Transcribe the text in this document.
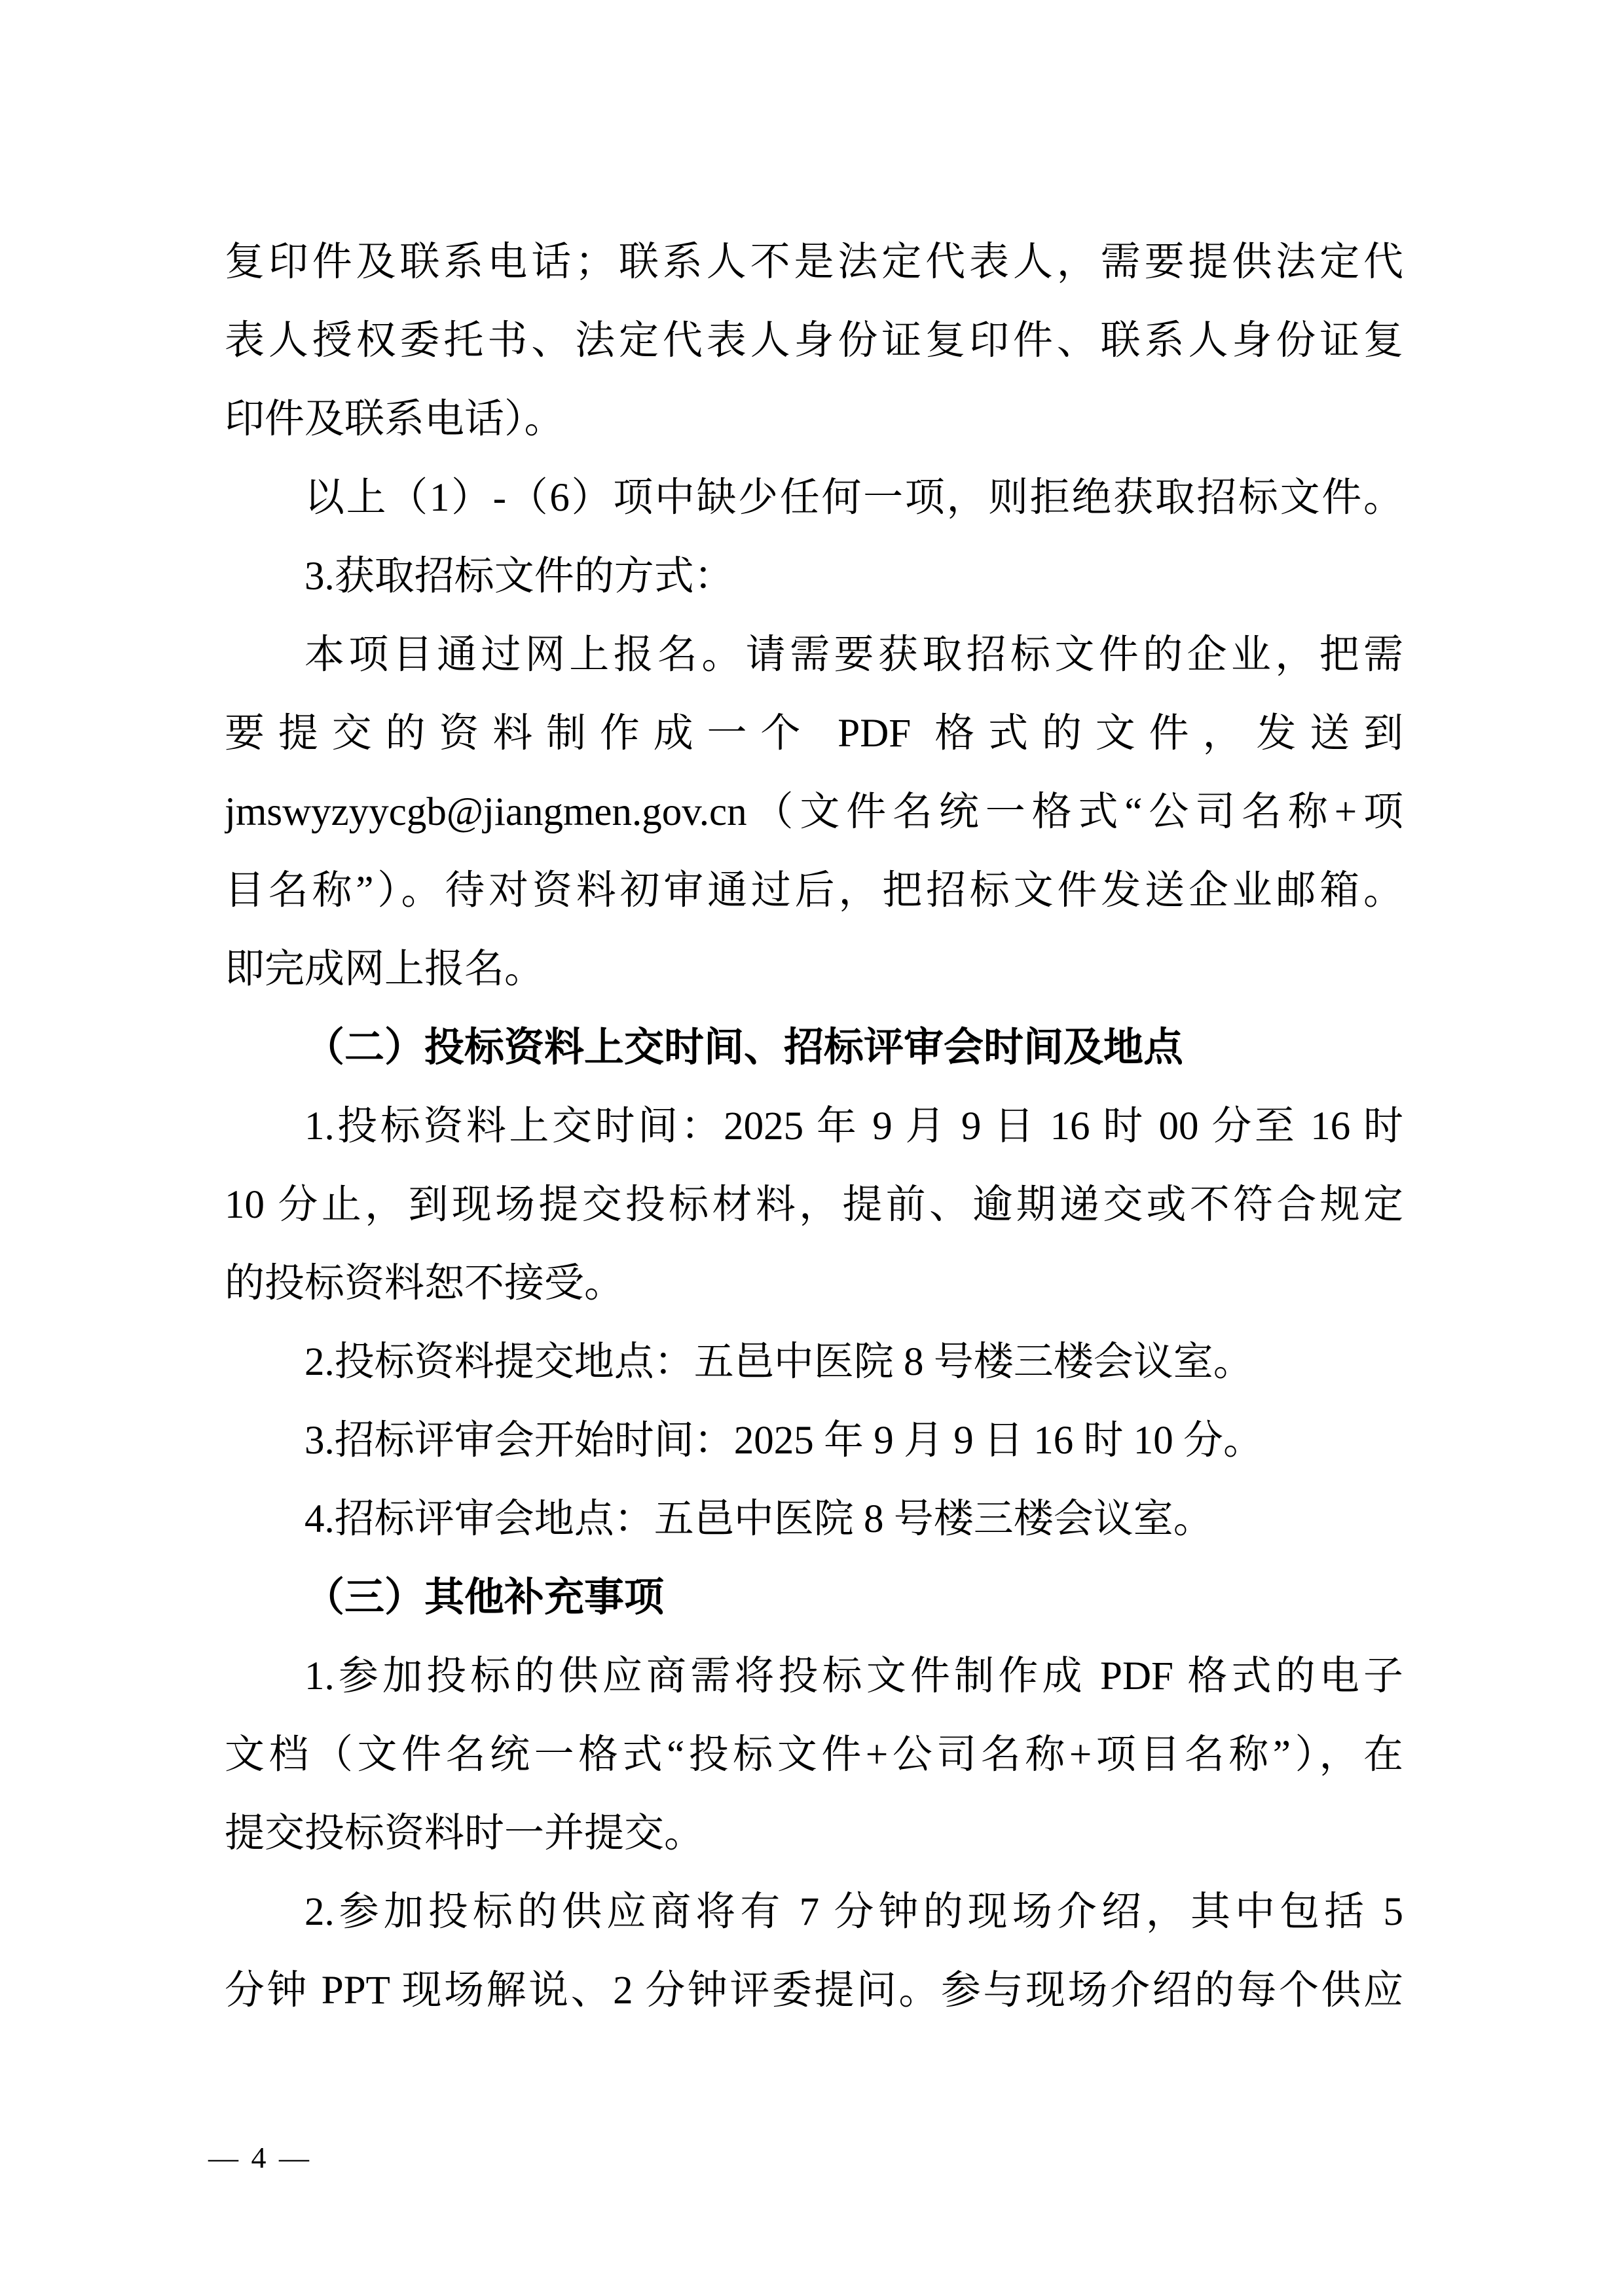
复印件及联系电话；联系人不是法定代表人，需要提供法定代
表人授权委托书、法定代表人身份证复印件、联系人身份证复
印件及联系电话）。
以上（1）-（6）项中缺少任何一项，则拒绝获取招标文件。
3.获取招标文件的方式：
本项目通过网上报名。请需要获取招标文件的企业，把需
要提交的资料制作成一个 PDF 格式的文件，发送到
jmswyzyycgb@jiangmen.gov.cn（文件名统一格式“公司名称+项
目名称”）。待对资料初审通过后，把招标文件发送企业邮箱。
即完成网上报名。
（二）投标资料上交时间、招标评审会时间及地点
1.投标资料上交时间：2025 年 9 月 9 日 16 时 00 分至 16 时
10 分止，到现场提交投标材料，提前、逾期递交或不符合规定
的投标资料恕不接受。
2.投标资料提交地点：五邑中医院 8 号楼三楼会议室。
3.招标评审会开始时间：2025 年 9 月 9 日 16 时 10 分。
4.招标评审会地点：五邑中医院 8 号楼三楼会议室。
（三）其他补充事项
1.参加投标的供应商需将投标文件制作成 PDF 格式的电子
文档（文件名统一格式“投标文件+公司名称+项目名称”），在
提交投标资料时一并提交。
2.参加投标的供应商将有 7 分钟的现场介绍，其中包括 5
分钟 PPT 现场解说、2 分钟评委提问。参与现场介绍的每个供应
— 4 —
